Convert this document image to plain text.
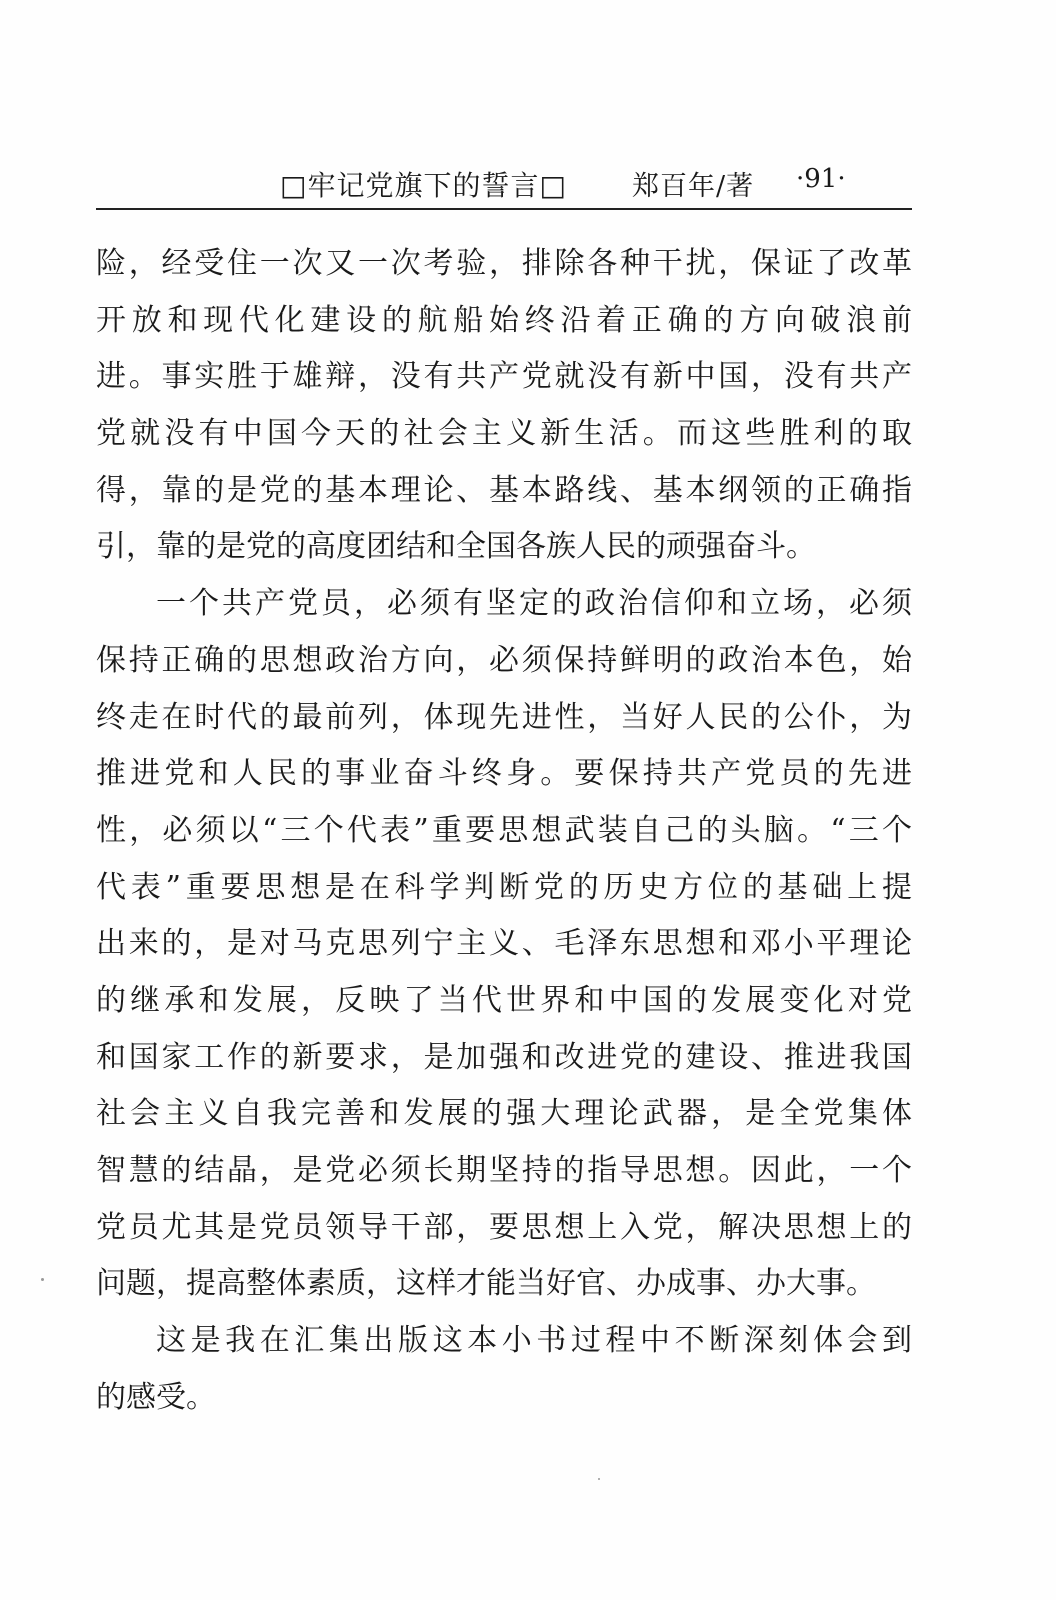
□牢记党旗下的誓言□ 郑百年/著 ·91·
险，经受住一次又一次考验，排除各种干扰，保证了改革
开放和现代化建设的航船始终沿着正确的方向破浪前
进。事实胜于雄辩，没有共产党就没有新中国，没有共产
党就没有中国今天的社会主义新生活。而这些胜利的取
得，靠的是党的基本理论、基本路线、基本纲领的正确指
引，靠的是党的高度团结和全国各族人民的顽强奋斗。
一个共产党员，必须有坚定的政治信仰和立场，必须
保持正确的思想政治方向，必须保持鲜明的政治本色，始
终走在时代的最前列，体现先进性，当好人民的公仆，为
推进党和人民的事业奋斗终身。要保持共产党员的先进
性，必须以“三个代表”重要思想武装自己的头脑。“三个
代表”重要思想是在科学判断党的历史方位的基础上提
出来的，是对马克思列宁主义、毛泽东思想和邓小平理论
的继承和发展，反映了当代世界和中国的发展变化对党
和国家工作的新要求，是加强和改进党的建设、推进我国
社会主义自我完善和发展的强大理论武器，是全党集体
智慧的结晶，是党必须长期坚持的指导思想。因此，一个
党员尤其是党员领导干部，要思想上入党，解决思想上的
问题，提高整体素质，这样才能当好官、办成事、办大事。
这是我在汇集出版这本小书过程中不断深刻体会到
的感受。
